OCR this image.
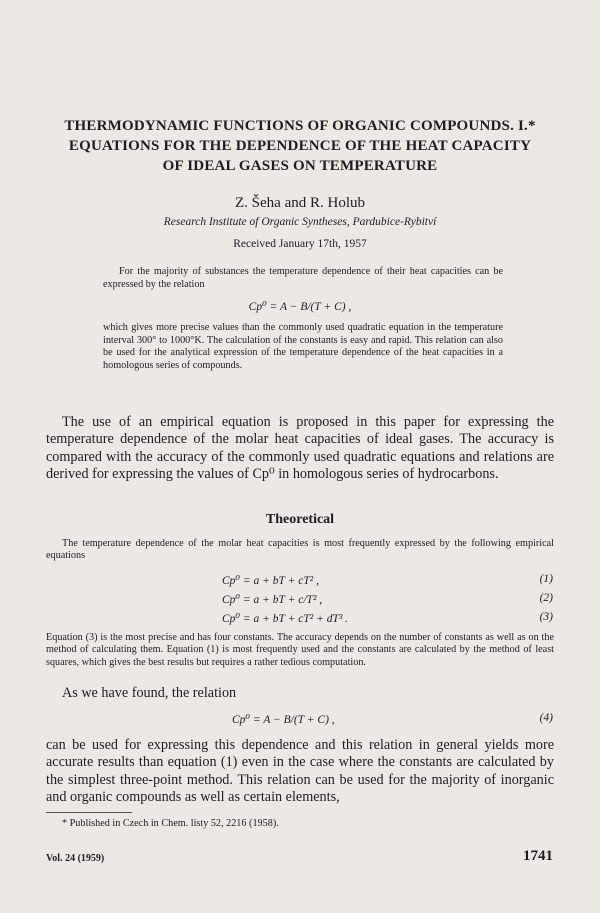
THERMODYNAMIC FUNCTIONS OF ORGANIC COMPOUNDS. I.*
EQUATIONS FOR THE DEPENDENCE OF THE HEAT CAPACITY
OF IDEAL GASES ON TEMPERATURE
Z. Šeha and R. Holub
Research Institute of Organic Syntheses, Pardubice-Rybitví
Received January 17th, 1957

For the majority of substances the temperature dependence of their heat capacities can be expressed by the relation

Cp⁰ = A − B/(T + C) ,

which gives more precise values than the commonly used quadratic equation in the temperature interval 300° to 1000°K. The calculation of the constants is easy and rapid. This relation can also be used for the analytical expression of the temperature dependence of the heat capacities in a homologous series of compounds.

The use of an empirical equation is proposed in this paper for expressing the temperature dependence of the molar heat capacities of ideal gases. The accuracy is compared with the accuracy of the commonly used quadratic equations and relations are derived for expressing the values of Cp⁰ in homologous series of hydrocarbons.

Theoretical

The temperature dependence of the molar heat capacities is most frequently expressed by the following empirical equations

Cp⁰ = a + bT + cT² ,	(1)
Cp⁰ = a + bT + c/T² ,	(2)
Cp⁰ = a + bT + cT² + dT³ .	(3)

Equation (3) is the most precise and has four constants. The accuracy depends on the number of constants as well as on the method of calculating them. Equation (1) is most frequently used and the constants are calculated by the method of least squares, which gives the best results but requires a rather tedious computation.

As we have found, the relation
Cp⁰ = A − B/(T + C) ,	(4)

can be used for expressing this dependence and this relation in general yields more accurate results than equation (1) even in the case where the constants are calculated by the simplest three-point method. This relation can be used for the majority of inorganic and organic compounds as well as certain elements,

* Published in Czech in Chem. listy 52, 2216 (1958).
Vol. 24 (1959)	1741
